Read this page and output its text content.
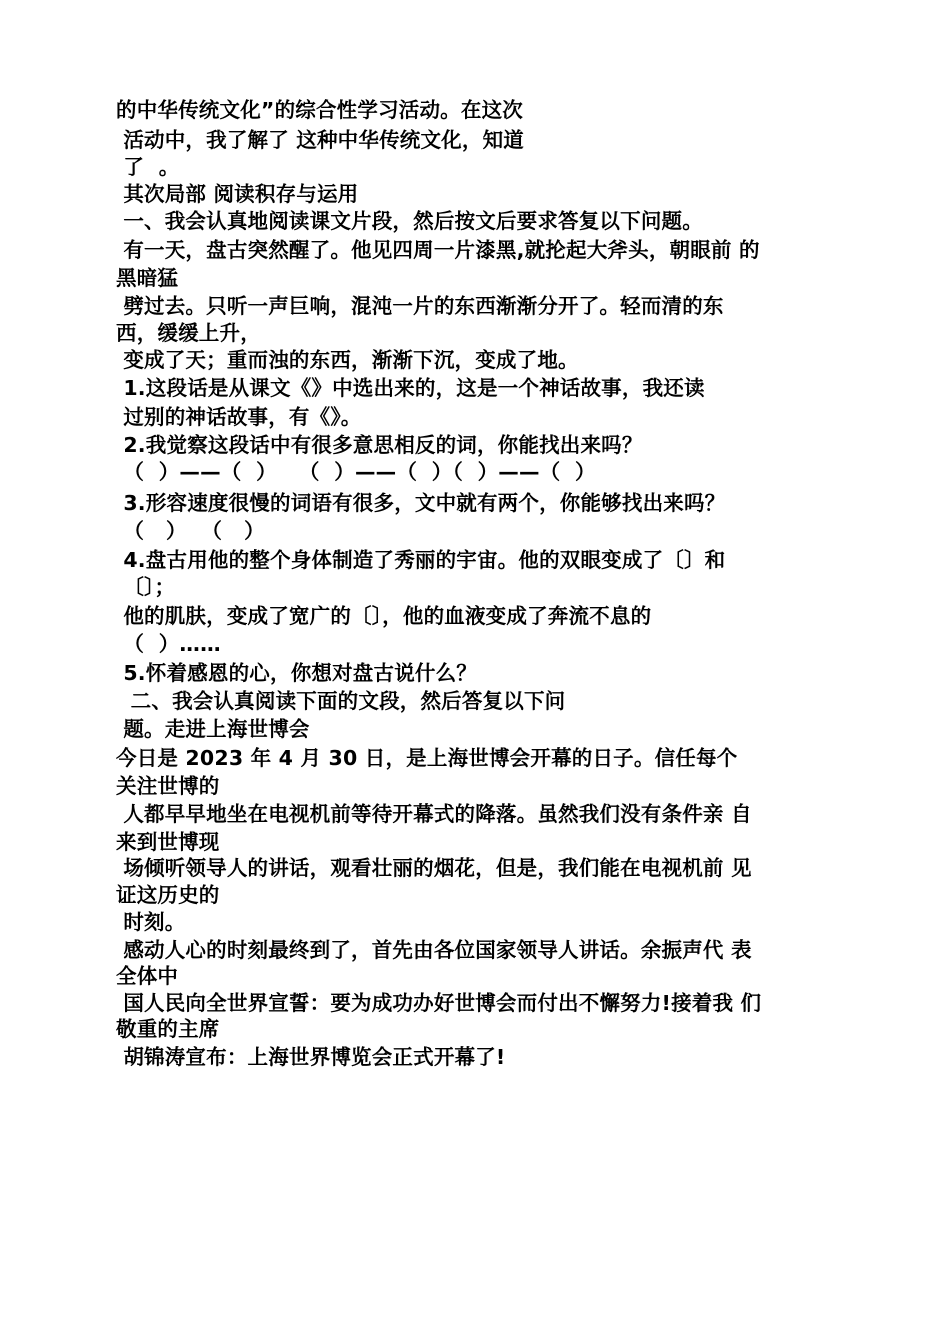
的中华传统文化”的综合性学习活动。在这次
活动中，我了解了 这种中华传统文化，知道
了  。
其次局部 阅读积存与运用
一、我会认真地阅读课文片段，然后按文后要求答复以下问题。
有一天，盘古突然醒了。他见四周一片漆黑,就抡起大斧头，朝眼前 的
黑暗猛
劈过去。只听一声巨响，混沌一片的东西渐渐分开了。轻而清的东
西，缓缓上升，
变成了天；重而浊的东西，渐渐下沉，变成了地。
1.这段话是从课文《》中选出来的，这是一个神话故事，我还读
过别的神话故事，有《》。
2.我觉察这段话中有很多意思相反的词，你能找出来吗？
（  ）——（  ）   （  ）——（  ）（  ）——（  ）
3.形容速度很慢的词语有很多，文中就有两个，你能够找出来吗？
（   ）  （   ）
4.盘古用他的整个身体制造了秀丽的宇宙。他的双眼变成了〔〕和
〔〕；
他的肌肤，变成了宽广的〔〕，他的血液变成了奔流不息的
（  ）……
5.怀着感恩的心，你想对盘古说什么？
二、我会认真阅读下面的文段，然后答复以下问
题。走进上海世博会
今日是 2023 年 4 月 30 日，是上海世博会开幕的日子。信任每个
关注世博的
人都早早地坐在电视机前等待开幕式的降落。虽然我们没有条件亲 自
来到世博现
场倾听领导人的讲话，观看壮丽的烟花，但是，我们能在电视机前 见
证这历史的
时刻。
感动人心的时刻最终到了，首先由各位国家领导人讲话。余振声代 表
全体中
国人民向全世界宣誓：要为成功办好世博会而付出不懈努力!接着我 们
敬重的主席
胡锦涛宣布：上海世界博览会正式开幕了!
